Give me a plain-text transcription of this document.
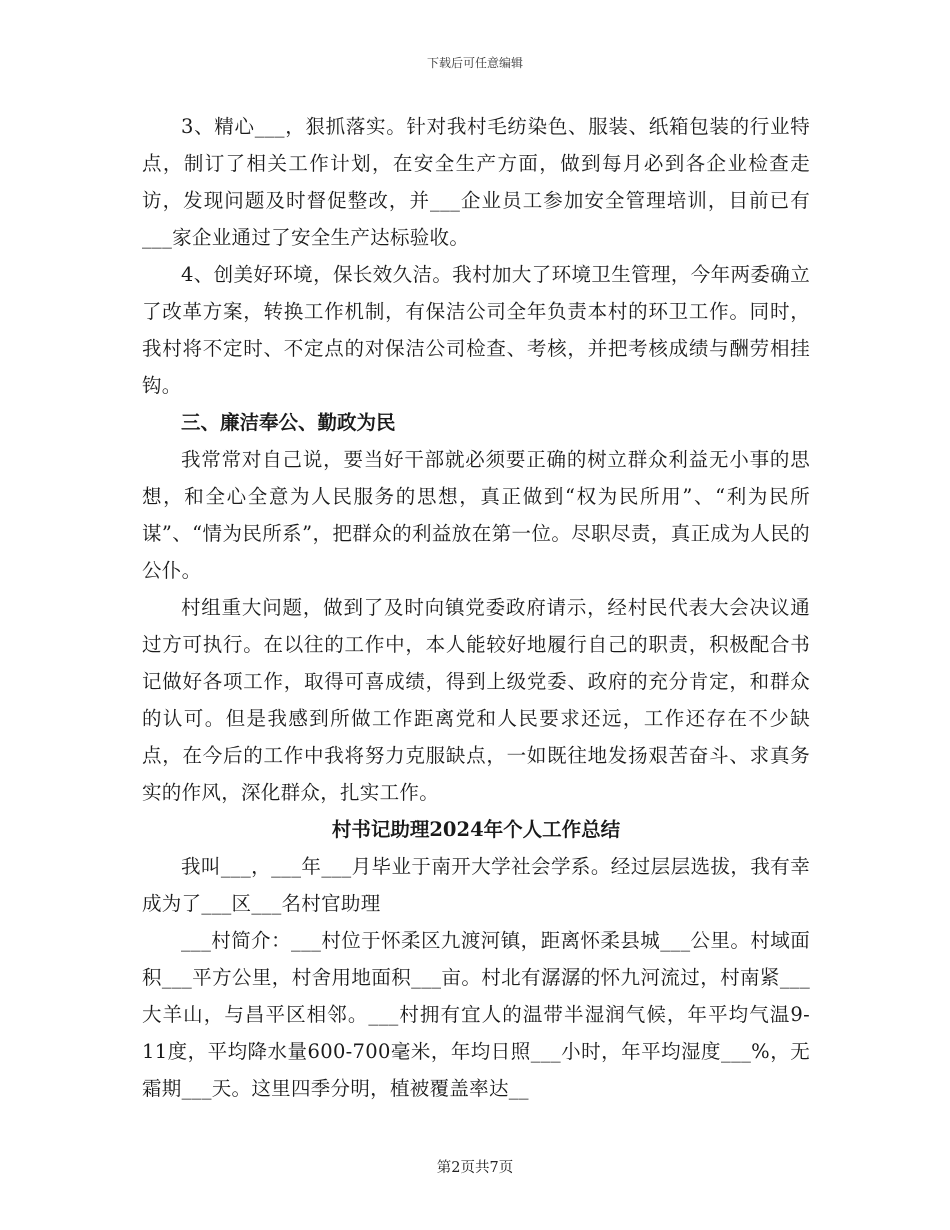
下载后可任意编辑

3、精心___，狠抓落实。针对我村毛纺染色、服装、纸箱包装的行业特点，制订了相关工作计划，在安全生产方面，做到每月必到各企业检查走访，发现问题及时督促整改，并___企业员工参加安全管理培训，目前已有___家企业通过了安全生产达标验收。

4、创美好环境，保长效久洁。我村加大了环境卫生管理，今年两委确立了改革方案，转换工作机制，有保洁公司全年负责本村的环卫工作。同时，我村将不定时、不定点的对保洁公司检查、考核，并把考核成绩与酬劳相挂钩。

三、廉洁奉公、勤政为民

我常常对自己说，要当好干部就必须要正确的树立群众利益无小事的思想，和全心全意为人民服务的思想，真正做到“权为民所用”、“利为民所谋”、“情为民所系”，把群众的利益放在第一位。尽职尽责，真正成为人民的公仆。

村组重大问题，做到了及时向镇党委政府请示，经村民代表大会决议通过方可执行。在以往的工作中，本人能较好地履行自己的职责，积极配合书记做好各项工作，取得可喜成绩，得到上级党委、政府的充分肯定，和群众的认可。但是我感到所做工作距离党和人民要求还远，工作还存在不少缺点，在今后的工作中我将努力克服缺点，一如既往地发扬艰苦奋斗、求真务实的作风，深化群众，扎实工作。

村书记助理2024年个人工作总结

我叫___，___年___月毕业于南开大学社会学系。经过层层选拔，我有幸成为了___区___名村官助理

___村简介：___村位于怀柔区九渡河镇，距离怀柔县城___公里。村域面积___平方公里，村舍用地面积___亩。村北有潺潺的怀九河流过，村南紧___大羊山，与昌平区相邻。___村拥有宜人的温带半湿润气候，年平均气温9-11度，平均降水量600-700毫米，年均日照___小时，年平均湿度___%，无霜期___天。这里四季分明，植被覆盖率达__

第2页共7页
